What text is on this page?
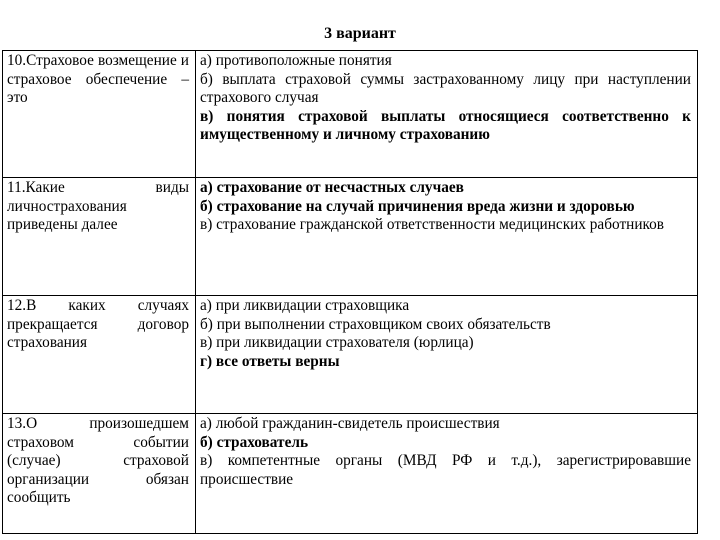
3 вариант
10.Страховое возмещение и страховое обеспечение – это	а) противоположные понятия
б) выплата страховой суммы застрахованному лицу при наступлении страхового случая
в) понятия страховой выплаты относящиеся соответственно к имущественному и личному страхованию

11.Какие виды личнострахования приведены далее	а) страхование от несчастных случаев
б) страхование на случай причинения вреда жизни и здоровью
в) страхование гражданской ответственности медицинских работников

12.В каких случаях прекращается договор страхования	а) при ликвидации страховщика
б) при выполнении страховщиком своих обязательств
в) при ликвидации страхователя (юрлица)
г) все ответы верны

13.О произошедшем страховом событии (случае) страховой организации обязан сообщить	а) любой гражданин-свидетель происшествия
б) страхователь
в) компетентные органы (МВД РФ и т.д.), зарегистрировавшие происшествие
